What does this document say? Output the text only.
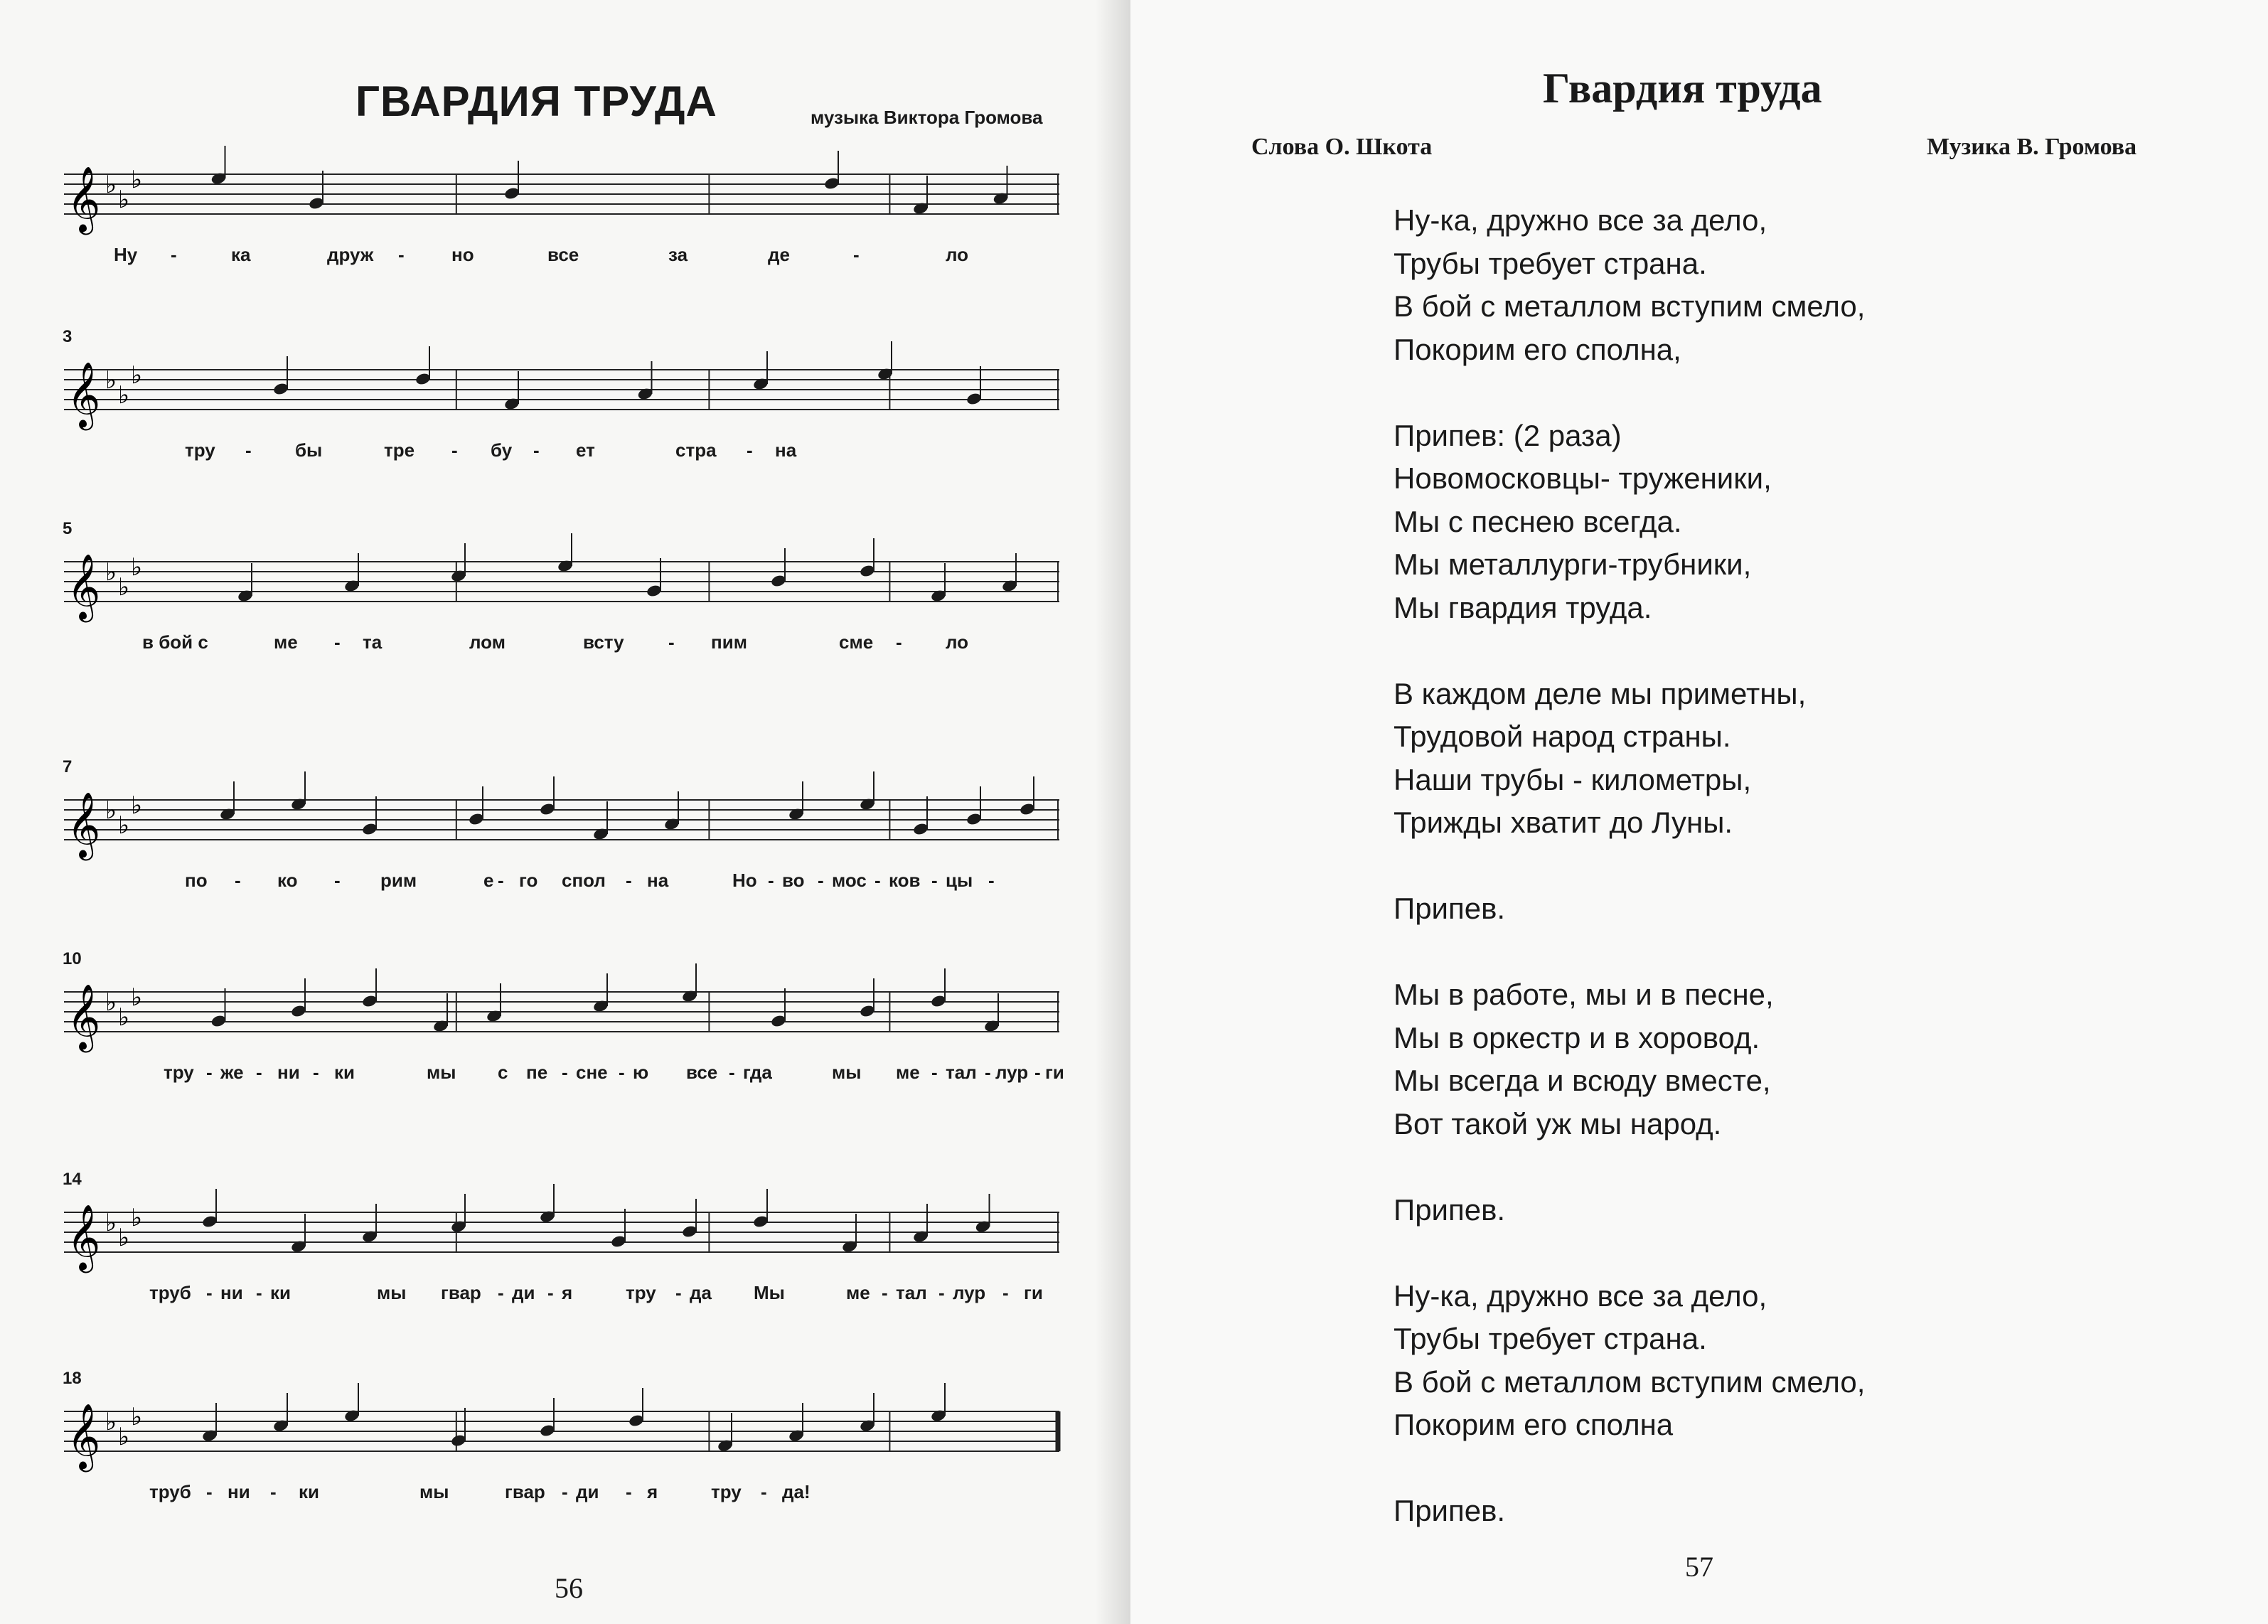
ГВАРДИЯ ТРУДА	музыка Виктора Громова
𝄞 ♭
♭
♭
Ну -	ка	друж -	но	все	за	де	-	ло
3
𝄞 ♭
♭
♭
тру - бы	тре - бу - ет	стра - на
5
𝄞 ♭
♭
♭
в бой с	ме - та	лом	всту - пим	сме - ло
7
𝄞 ♭
♭
♭
по - ко - рим	е - го спол - на	Но - во - мос - ков - цы -
10
𝄞 ♭
♭
♭
тру - же - ни - ки	мы с пе - сне - ю все - гда	мы ме - тал - лур - ги
14
𝄞 ♭
♭
♭
труб - ни - ки	мы гвар - ди - я	тру - да Мы	ме - тал - лур - ги
18
𝄞 ♭
♭
♭
труб - ни - ки	мы	гвар - ди - я	тру - да!
56
Гвардия труда
Слова О. Шкота	Музика В. Громова
Ну-ка, дружно все за дело,
Трубы требует страна.
В бой с металлом вступим смело,
Покорим его сполна,
Припев: (2 раза)
Новомосковцы- труженики,
Мы с песнею всегда.
Мы металлурги-трубники,
Мы гвардия труда.
В каждом деле мы приметны,
Трудовой народ страны.
Наши трубы - километры,
Трижды хватит до Луны.
Припев.
Мы в работе, мы и в песне,
Мы в оркестр и в хоровод.
Мы всегда и всюду вместе,
Вот такой уж мы народ.
Припев.
Ну-ка, дружно все за дело,
Трубы требует страна.
В бой с металлом вступим смело,
Покорим его сполна
Припев.
57
